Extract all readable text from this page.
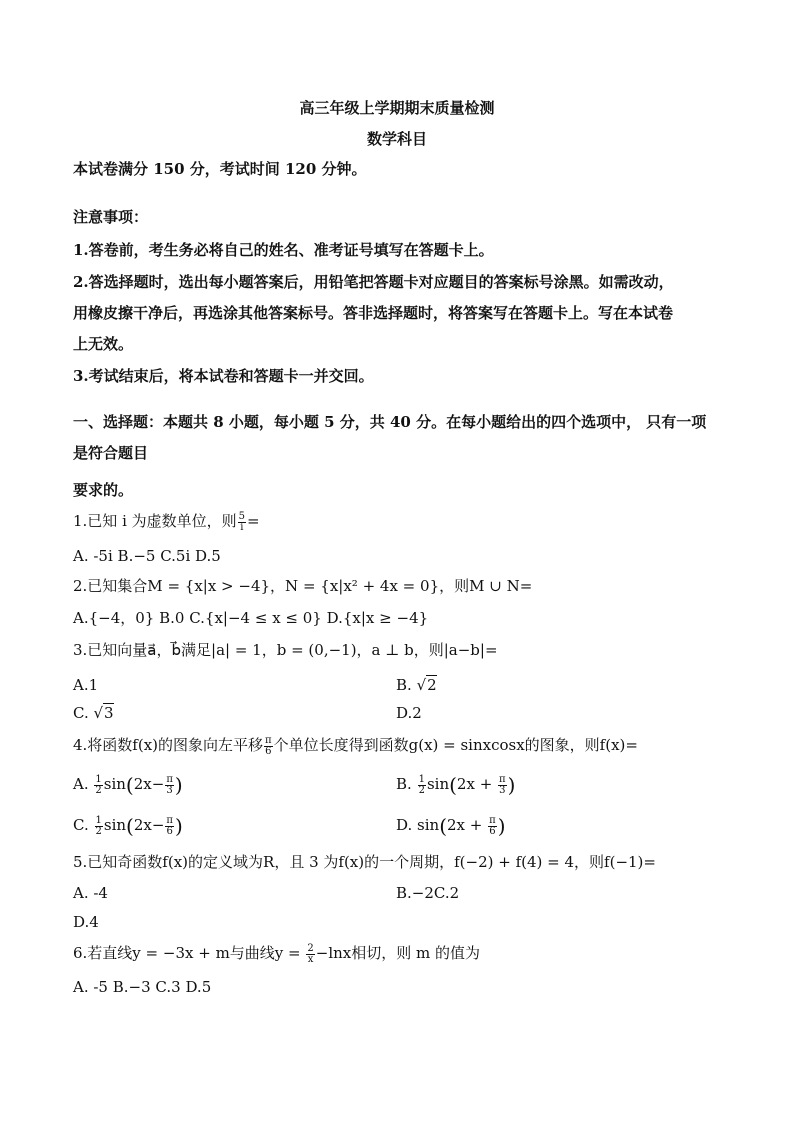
高三年级上学期期末质量检测
数学科目
本试卷满分 150 分，考试时间 120 分钟。
注意事项：
1.答卷前，考生务必将自己的姓名、准考证号填写在答题卡上。
2.答选择题时，选出每小题答案后，用铅笔把答题卡对应题目的答案标号涂黑。如需改动，
用橡皮擦干净后，再选涂其他答案标号。答非选择题时，将答案写在答题卡上。写在本试卷
上无效。
3.考试结束后，将本试卷和答题卡一并交回。
一、选择题：本题共 8 小题，每小题 5 分，共 40 分。在每小题给出的四个选项中， 只有一项
是符合题目
要求的。
1.已知 i 为虚数单位，则 $\frac{5}{i}$ =
A. -5i B.−5 C.5i D.5
2.已知集合M = {x|x > −4}，N = {x|x² + 4x = 0}，则M ∪ N=
A.{−4，0} B.0 C.{x|−4 ≤ x ≤ 0} D.{x|x ≥ −4}
3.已知向量a⃗，b⃗满足|a| = 1，b = (0,−1)，a ⊥ b，则|a−b|=
A.1	B. √2
C. √3	D.2
4.将函数f(x)的图象向左平移 $\frac{\pi}{6}$ 个单位长度得到函数g(x) = sinxcosx的图象，则f(x)=
A. $\frac{1}{2} \sin(2x- \frac{\pi}{3}$ )	B. $\frac{1}{2} \sin(2x + \frac{\pi}{3}$ )
C. $\frac{1}{2} \sin(2x- \frac{\pi}{6}$ )	D. $\sin(2x + \frac{\pi}{6}$ )
5.已知奇函数f(x)的定义域为R，且 3 为f(x)的一个周期，f(−2) + f(4) = 4，则f(−1)=
A. -4	B.−2C.2
D.4
6.若直线y = −3x + m与曲线$y = \frac{2}{x} -\ln x$相切，则 m 的值为
A. -5 B.−3 C.3 D.5
